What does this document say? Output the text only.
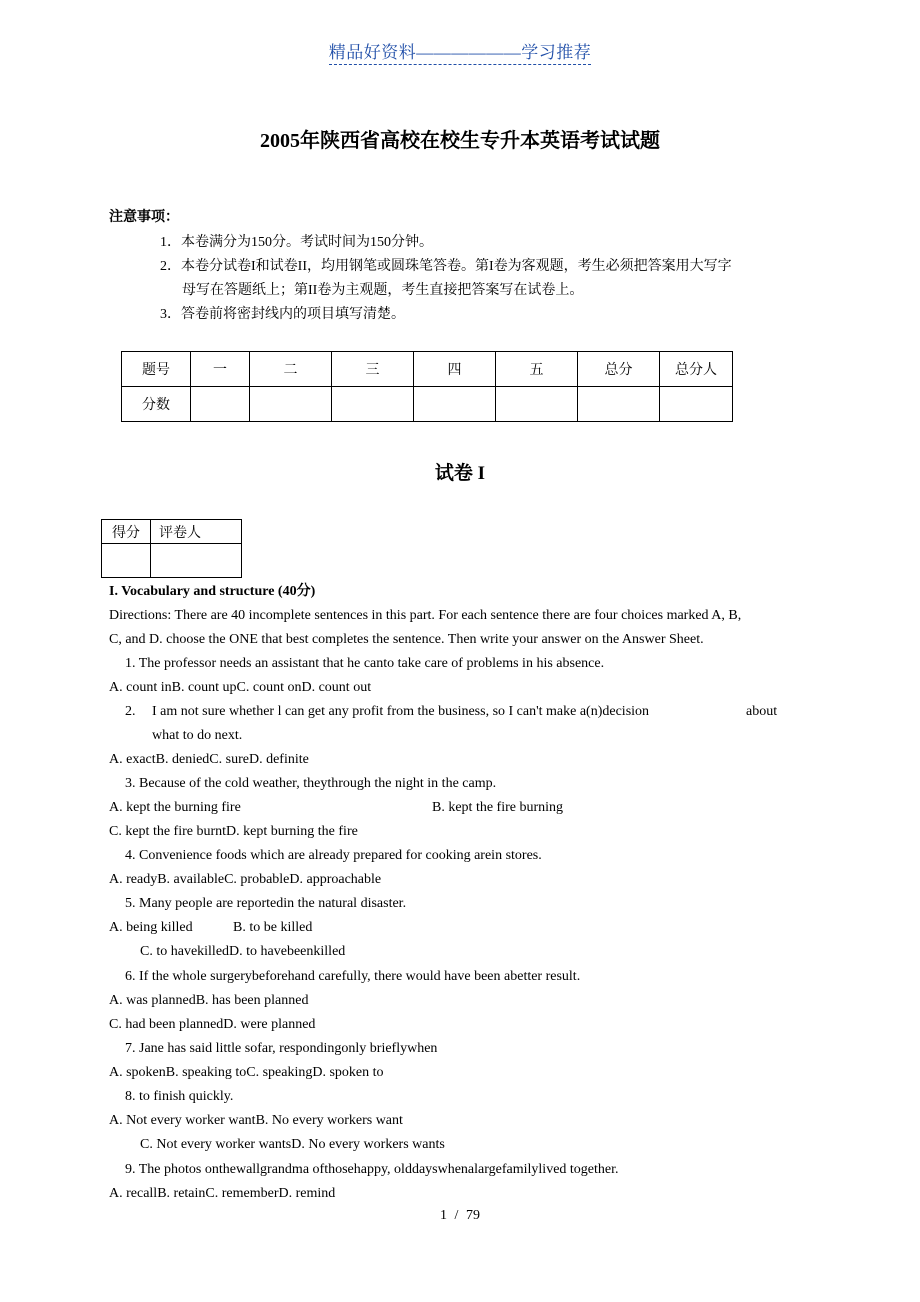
精品好资料——————学习推荐
2005年陕西省高校在校生专升本英语考试试题
注意事项：
1．本卷满分为150分。考试时间为150分钟。
2．本卷分试卷I和试卷II，均用钢笔或圆珠笔答卷。第I卷为客观题，考生必须把答案用大写字
母写在答题纸上；第II卷为主观题，考生直接把答案写在试卷上。
3．答卷前将密封线内的项目填写清楚。
题号	一	二	三	四	五	总分	总分人
分数							
试卷 I
得分	评卷人

I. Vocabulary and structure (40分)
Directions: There are 40 incomplete sentences in this part. For each sentence there are four choices marked A, B,
C, and D. choose the ONE that best completes the sentence. Then write your answer on the Answer Sheet.
1. The professor needs an assistant that he canto take care of problems in his absence.
A. count inB. count upC. count onD. count out
2. I am not sure whether l can get any profit from the business, so I can't make a(n)decision	about
what to do next.
A. exactB. deniedC. sureD. definite
3. Because of the cold weather, theythrough the night in the camp.
A. kept the burning fire	B. kept the fire burning
C. kept the fire burntD. kept burning the fire
4. Convenience foods which are already prepared for cooking arein stores.
A. readyB. availableC. probableD. approachable
5. Many people are reportedin the natural disaster.
A. being killed	B. to be killed
C. to havekilledD. to havebeenkilled
6. If the whole surgerybeforehand carefully, there would have been abetter result.
A. was plannedB. has been planned
C. had been plannedD. were planned
7. Jane has said little sofar, respondingonly brieflywhen
A. spokenB. speaking toC. speakingD. spoken to
8. to finish quickly.
A. Not every worker wantB. No every workers want
C. Not every worker wantsD. No every workers wants
9. The photos onthewallgrandma ofthosehappy, olddayswhenalargefamilylived together.
A. recallB. retainC. rememberD. remind
1 / 79
